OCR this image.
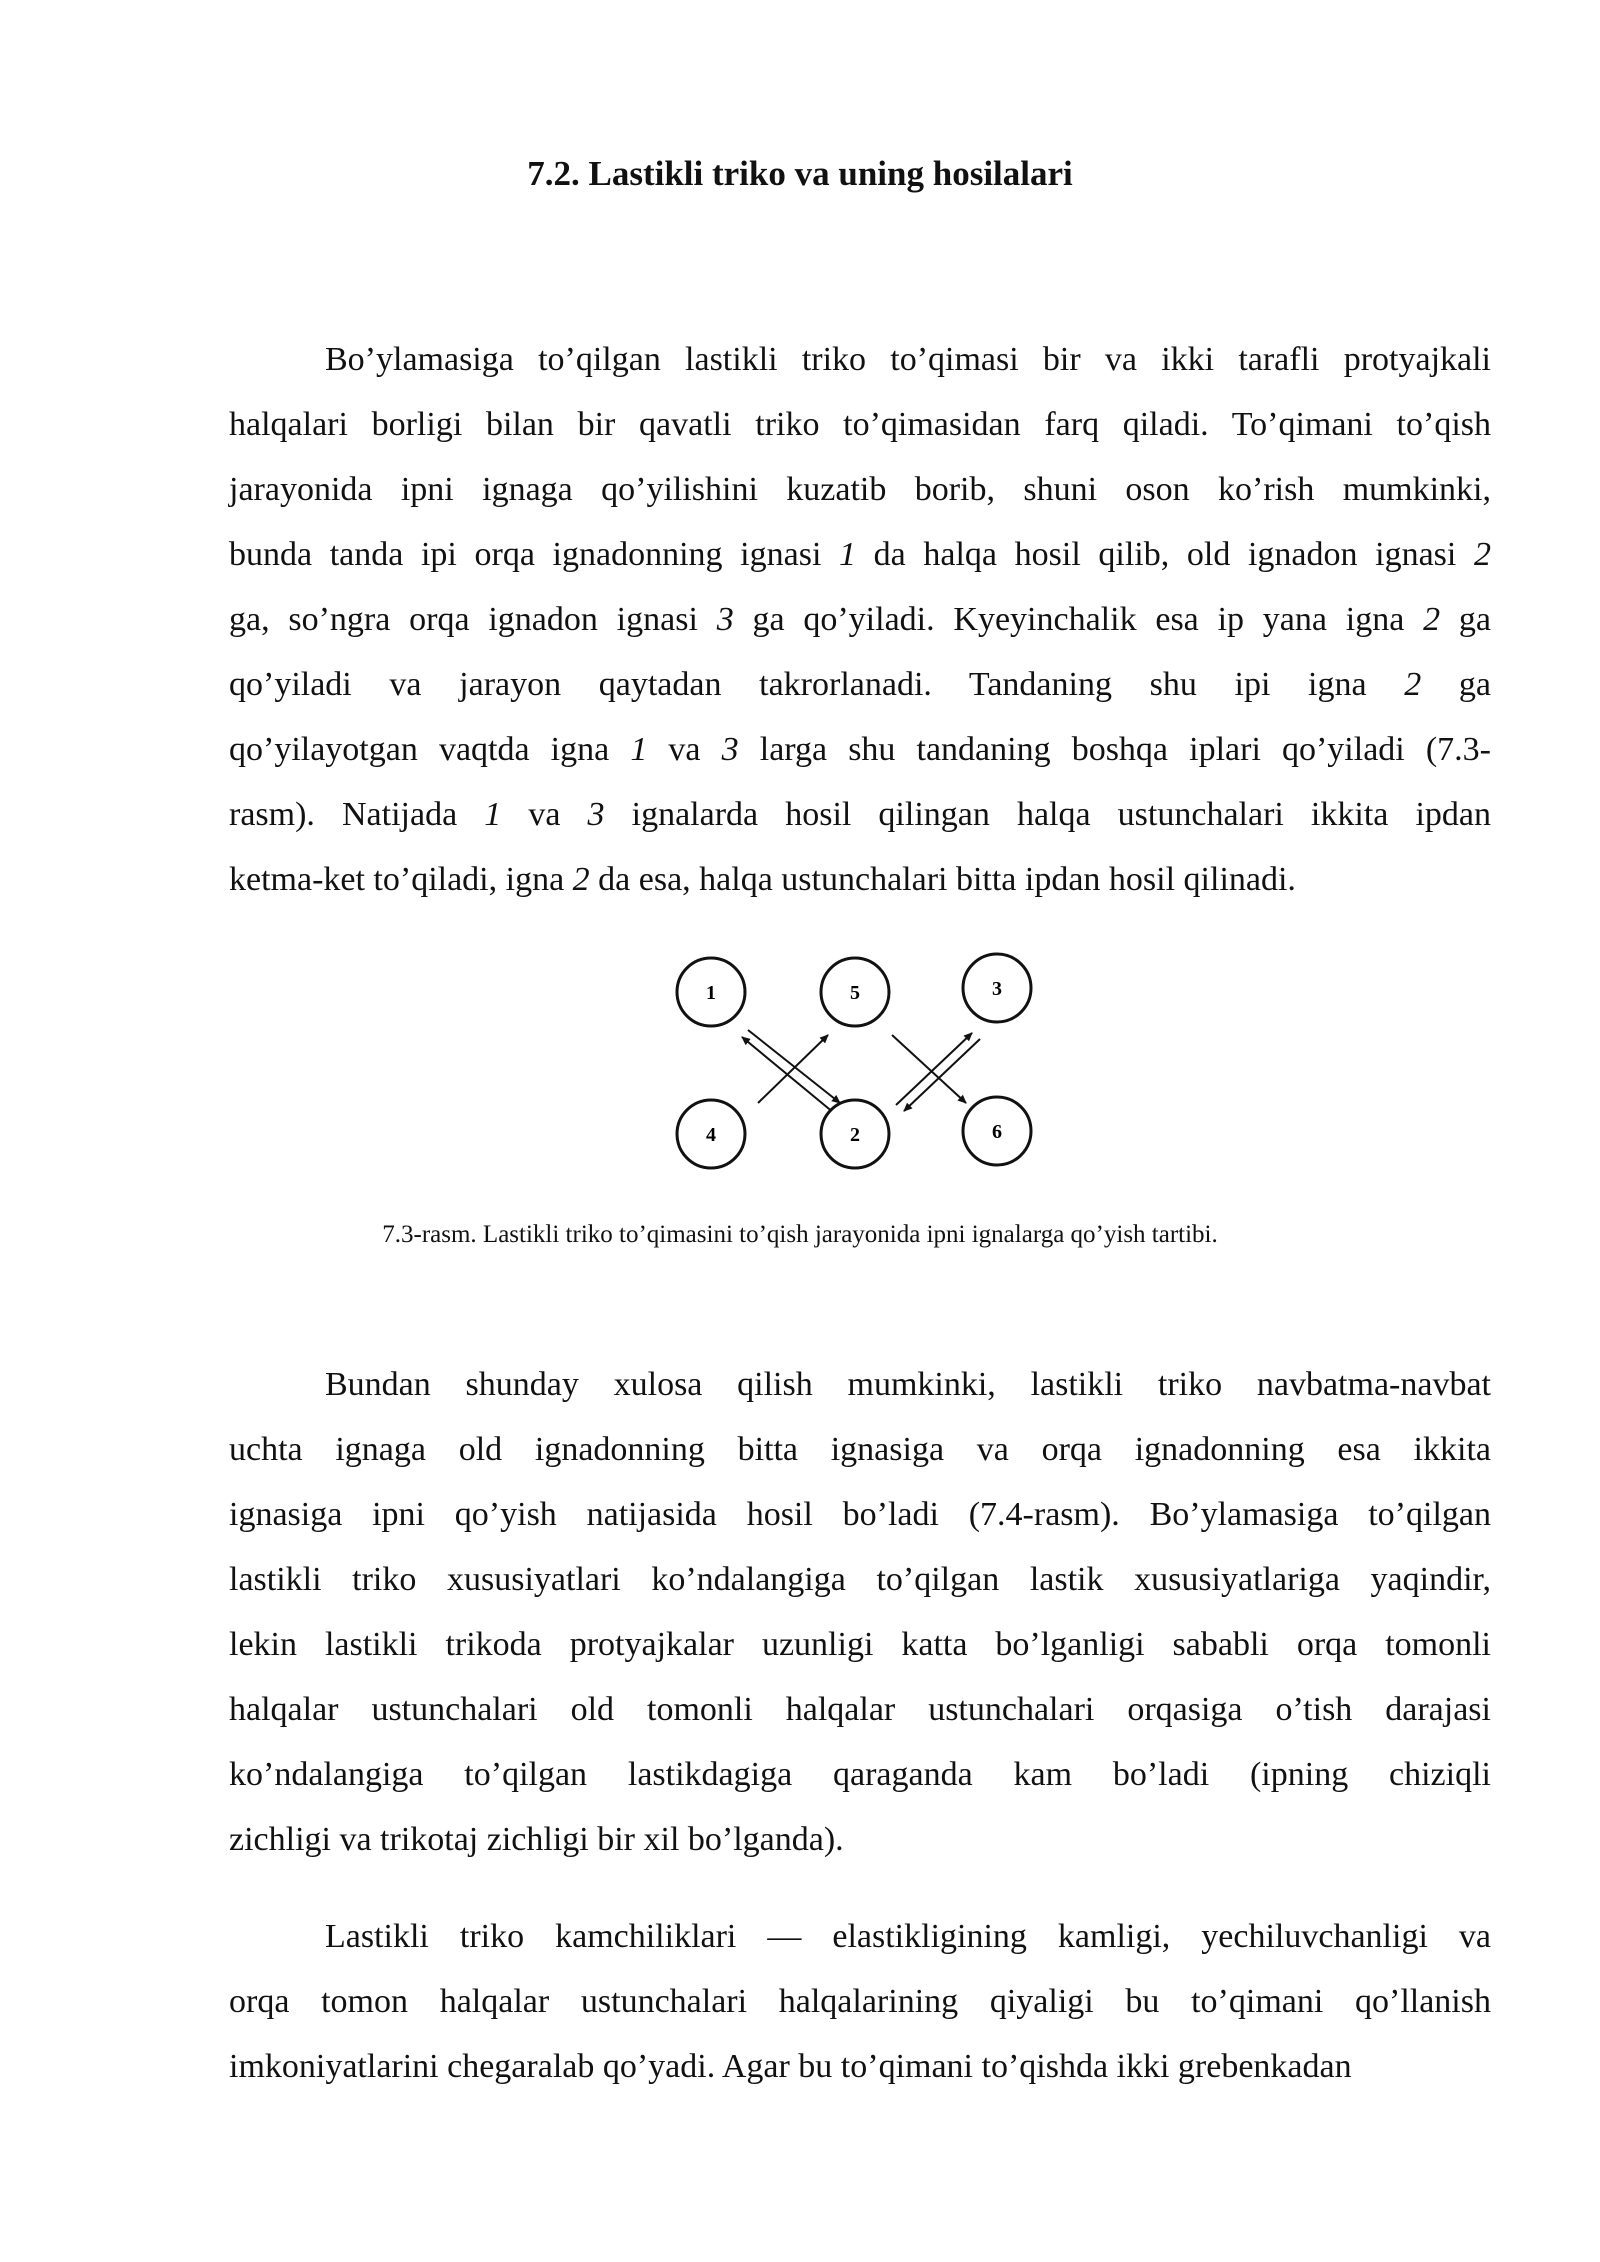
7.2. Lastikli triko va uning hosilalari
Bo’ylamasiga to’qilgan lastikli triko to’qimasi bir va ikki tarafli protyajkali
halqalari borligi bilan bir qavatli triko to’qimasidan farq qiladi. To’qimani to’qish
jarayonida ipni ignaga qo’yilishini kuzatib borib, shuni oson ko’rish mumkinki,
bunda tanda ipi orqa ignadonning ignasi 1 da halqa hosil qilib, old ignadon ignasi 2
ga, so’ngra orqa ignadon ignasi 3 ga qo’yiladi. Kyeyinchalik esa ip yana igna 2 ga
qo’yiladi va jarayon qaytadan takrorlanadi. Tandaning shu ipi igna 2 ga
qo’yilayotgan vaqtda igna 1 va 3 larga shu tandaning boshqa iplari qo’yiladi (7.3-
rasm). Natijada 1 va 3 ignalarda hosil qilingan halqa ustunchalari ikkita ipdan
ketma-ket to’qiladi, igna 2 da esa, halqa ustunchalari bitta ipdan hosil qilinadi.
1	5	3
4	2	6
7.3-rasm. Lastikli triko to’qimasini to’qish jarayonida ipni ignalarga qo’yish tartibi.
Bundan shunday xulosa qilish mumkinki, lastikli triko navbatma-navbat
uchta ignaga old ignadonning bitta ignasiga va orqa ignadonning esa ikkita
ignasiga ipni qo’yish natijasida hosil bo’ladi (7.4-rasm). Bo’ylamasiga to’qilgan
lastikli triko xususiyatlari ko’ndalangiga to’qilgan lastik xususiyatlariga yaqindir,
lekin lastikli trikoda protyajkalar uzunligi katta bo’lganligi sababli orqa tomonli
halqalar ustunchalari old tomonli halqalar ustunchalari orqasiga o’tish darajasi
ko’ndalangiga to’qilgan lastikdagiga qaraganda kam bo’ladi (ipning chiziqli
zichligi va trikotaj zichligi bir xil bo’lganda).
Lastikli triko kamchiliklari — elastikligining kamligi, yechiluvchanligi va
orqa tomon halqalar ustunchalari halqalarining qiyaligi bu to’qimani qo’llanish
imkoniyatlarini chegaralab qo’yadi. Agar bu to’qimani to’qishda ikki grebenkadan
